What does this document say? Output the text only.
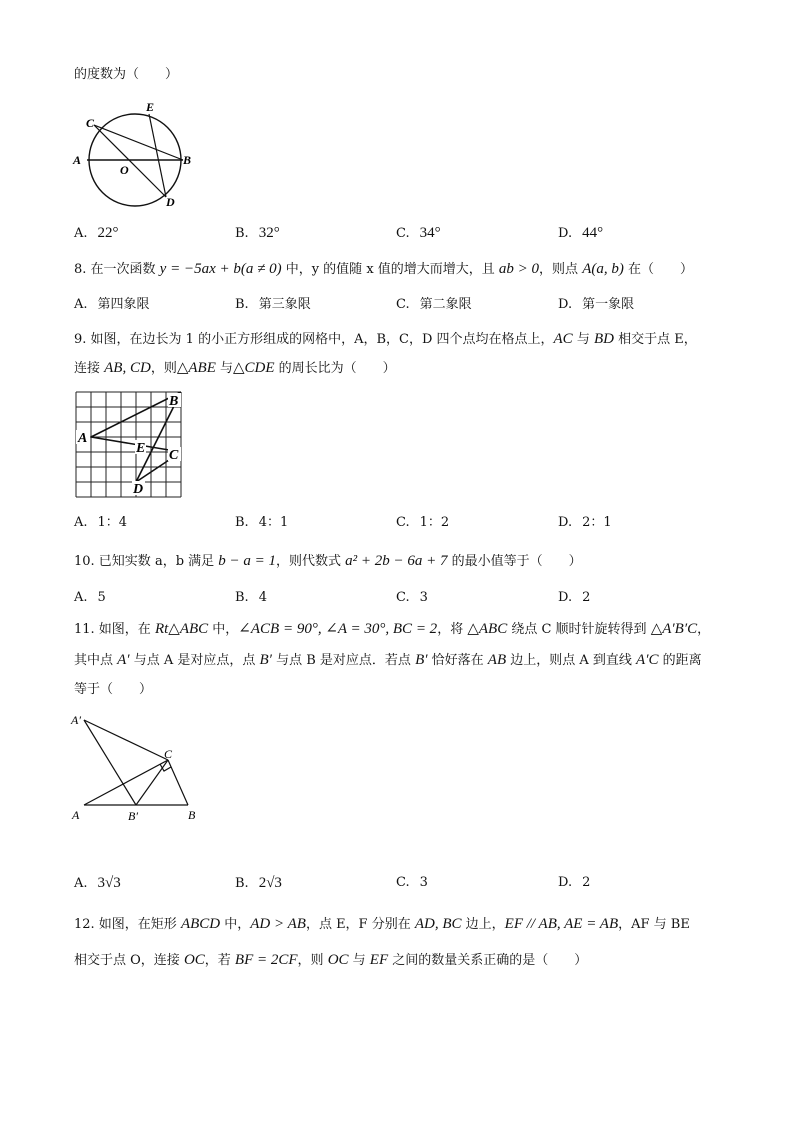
的度数为（　　）
C
E
A
O
B
D
A. 22°	B. 32°	C. 34°	D. 44°
8. 在一次函数 y = −5ax + b(a ≠ 0) 中，y 的值随 x 值的增大而增大，且 ab > 0，则点 A(a, b) 在（　　）
A. 第四象限	B. 第三象限	C. 第二象限	D. 第一象限
9. 如图，在边长为 1 的小正方形组成的网格中，A，B，C，D 四个点均在格点上，AC 与 BD 相交于点 E，
连接 AB, CD，则△ABE 与△CDE 的周长比为（　　）
A
B
C
D
E
A. 1：4	B. 4：1	C. 1：2	D. 2：1
10. 已知实数 a，b 满足 b − a = 1，则代数式 a² + 2b − 6a + 7 的最小值等于（　　）
A. 5	B. 4	C. 3	D. 2
11. 如图，在 Rt△ABC 中，∠ACB = 90°, ∠A = 30°, BC = 2，将 △ABC 绕点 C 顺时针旋转得到 △A′B′C，
其中点 A′ 与点 A 是对应点，点 B′ 与点 B 是对应点．若点 B′ 恰好落在 AB 边上，则点 A 到直线 A′C 的距离
等于（　　）
A′
C
A	B′	B
A. 3√3	B. 2√3	C. 3	D. 2
12. 如图，在矩形 ABCD 中，AD > AB，点 E，F 分别在 AD, BC 边上，EF // AB, AE = AB，AF 与 BE
相交于点 O，连接 OC，若 BF = 2CF，则 OC 与 EF 之间的数量关系正确的是（　　）
